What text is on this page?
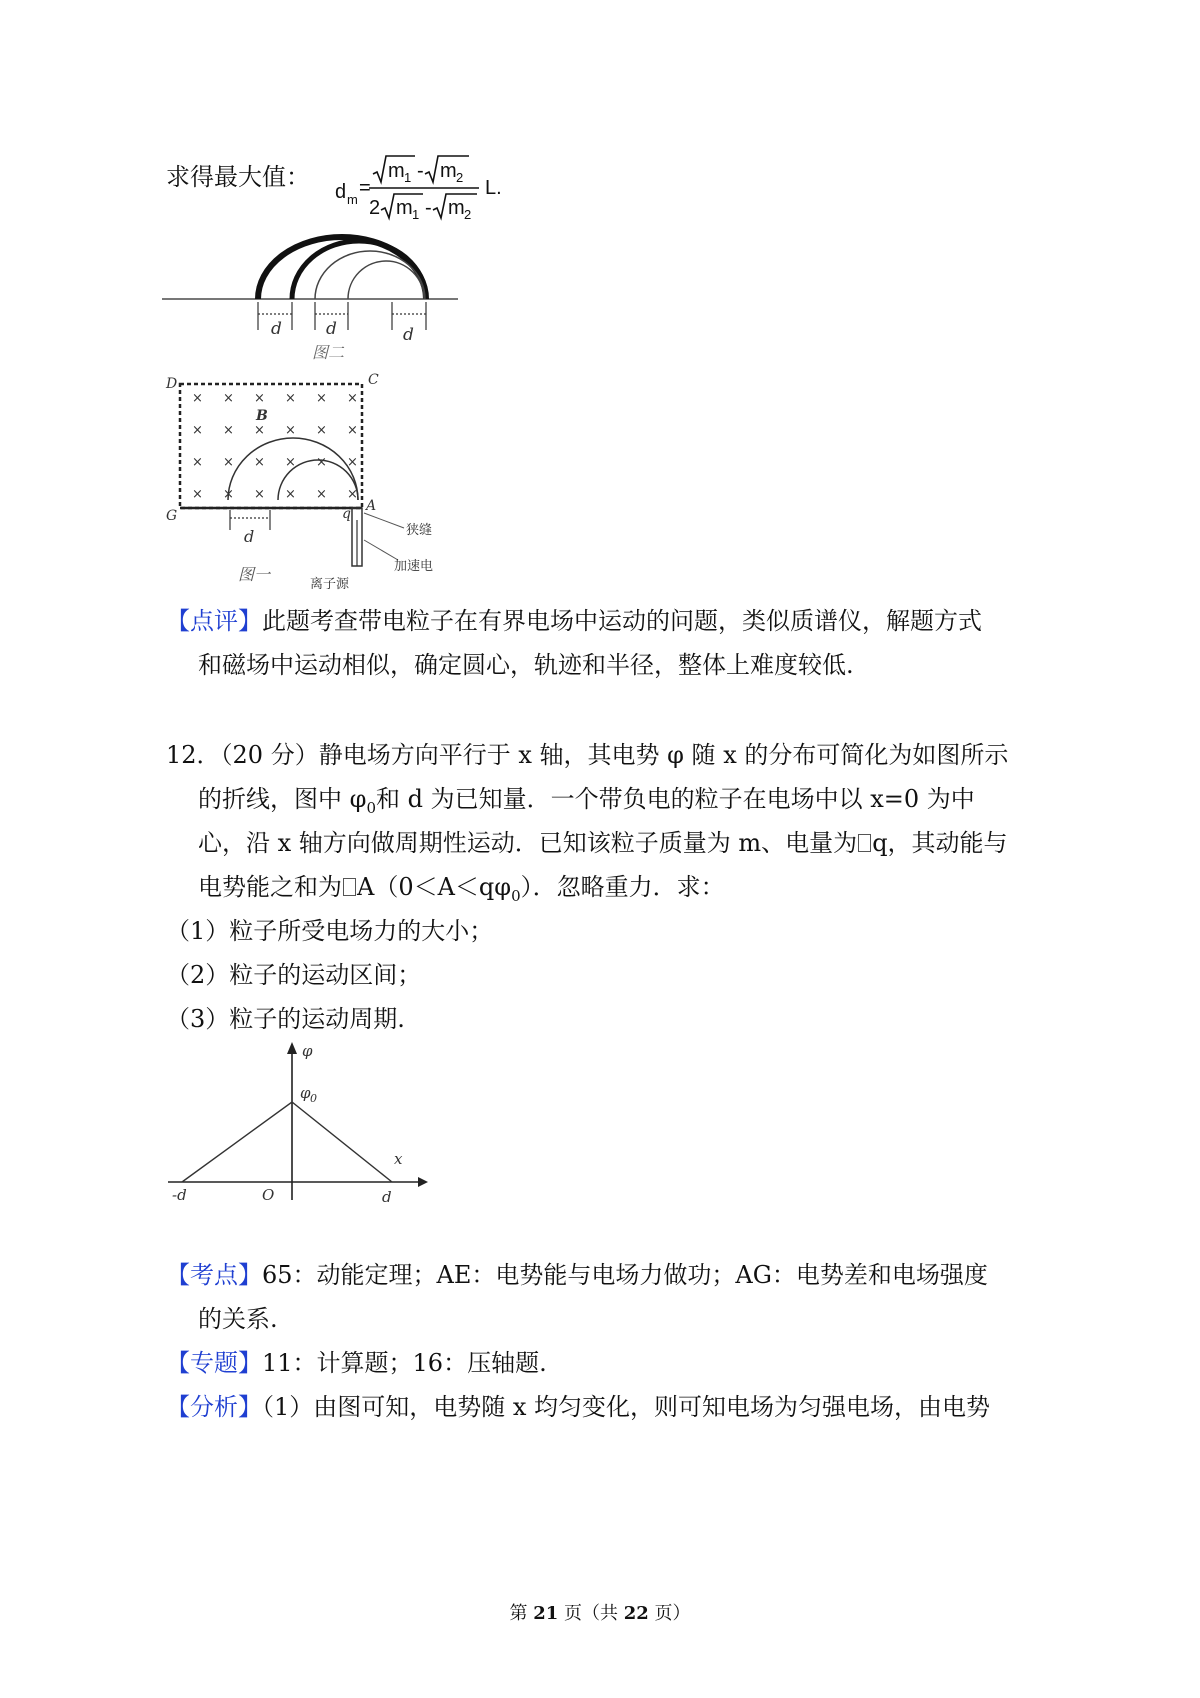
求得最大值：
d m
=
m 1 - m 2
2 m 1 - m 2
L.
d	d	d
图二
× × × × × ×
× × × × × ×
× × × × × ×
× × × × × ×
D	C
G
B
q A
d	狭缝
加速电
离子源
图一
【点评】此题考查带电粒子在有界电场中运动的问题，类似质谱仪，解题方式
和磁场中运动相似，确定圆心，轨迹和半径，整体上难度较低.
12．（20 分）静电场方向平行于 x 轴，其电势 φ 随 x 的分布可简化为如图所示
的折线，图中 $\varphi_0$和 d 为已知量．一个带负电的粒子在电场中以 x=0 为中
心，沿 x 轴方向做周期性运动．已知该粒子质量为 m、电量为 q，其动能与
电势能之和为 $A(0<A<q\varphi_0)$．忽略重力．求：
（1）粒子所受电场力的大小；
（2）粒子的运动区间；
（3）粒子的运动周期.
φ
φ 0
x
-d	O	d
【考点】65：动能定理；AE：电势能与电场力做功；AG：电势差和电场强度
的关系.
【专题】11：计算题；16：压轴题.
【分析】（1）由图可知，电势随 x 均匀变化，则可知电场为匀强电场，由电势
第 21 页（共 22 页）
